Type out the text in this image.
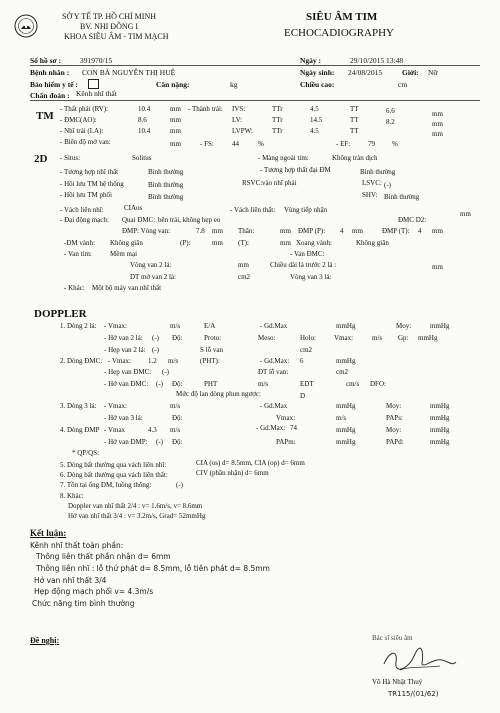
SỞ Y TẾ TP. HỒ CHÍ MINH
BV. NHI ĐỒNG I
KHOA SIÊU ÂM - TIM MẠCH
SIÊU ÂM TIM
ECHOCADIOGRAPHY
Số hồ sơ :	391970/15	Ngày :	29/10/2015 13:48
Bệnh nhân : CON BÀ NGUYỄN THỊ HUỆ	Ngày sinh: 24/08/2015	Giới: Nữ
Bảo hiểm y tế :	Cân nặng:	kg	Chiều cao:	cm
Chẩn đoán : Kênh nhĩ thất
TM
- Thất phải (RV):	10.4	mm - Thành trái: IVS:	TTr	4.5	TT	6.6	mm
- ĐMC(AO):	8.6	mm	LV:	TTr	14.5	TT	8.2	mm
- Nhĩ trái (LA):	10.4	mm	LVPW:	TTr	4.5	TT	mm
- Biên độ mở van:	mm	- FS:	44	%	- EF:	79 %
2D - Situs:	Solitus	- Màng ngoài tim:	Không tràn dịch
- Tương hợp nhĩ thất	Bình thường	- Tương hợp thất đại ĐM	Bình thường
- Hồi lưu TM hệ thống	Bình thường	RSVC: vào nhĩ phải	LSVC: (-)
- Hồi lưu TM phổi	Bình thường	SHV: Bình thường
- Vách liên nhĩ:	CIAos	- Vách liên thất: Vùng tiếp nhận
- Đại động mạch: Quai ĐMC: bên trái, không hẹp eo	ĐMC D2:
mm
ĐMP: Vòng van:	7.8 mm Thân:	mm ĐMP (P): 4 mm	ĐMP (T): 4 mm
-ĐM vành: Không giãn	(P):	mm (T):	mm Xoang vành:	Không giãn
- Van tim:	Mềm mại	- Van ĐMC:
Vòng van 2 lá:	mm	Chiều dài lá trước 2 lá :	mm
DT mở van 2 lá:	cm2	Vòng van 3 lá:
- Khác: Một bộ máy van nhĩ thất
DOPPLER
1. Dòng 2 lá: - Vmax:	m/s	E/A	- Gd.Max	mmHg	Moy:	mmHg
- Hở van 2 lá: (-) Độ:	Proto:	Meso:	Holo:	Vmax:	m/s Gp: mmHg
- Hẹp van 2 lá: (-)	S lỗ van	cm2
2. Dòng ĐMC: - Vmax: 1.2 m/s	(PHT):	- Gd.Max: 6	mmHg
- Hẹp van ĐMC: (-)	ĐT lỗ van:	cm2
- Hở van ĐMC: (-) Độ:	PHT	m/s	EDT	cm/s DFO:
Mức độ lan dòng phun ngược:	D
3. Dòng 3 lá: - Vmax:	m/s	- Gd.Max	mmHg	Moy:	mmHg
- Hở van 3 lá:	Độ:	Vmax:	m/s	PAPs:	mmHg
4. Dòng ĐMP - Vmax	4.3 m/s	- Gd.Max: 74	mmHg	Moy:	mmHg
- Hở van ĐMP: (-) Độ:	PAPm:	mmHg	PAPd:	mmHg
* QP/QS:
5. Dòng bất thường qua vách liên nhĩ:	CIA (os) d= 8.5mm, CIA (op) d= 6mm
6. Dòng bất thường qua vách liên thất:	CIV (phần nhận) d= 6mm
7. Tồn tại ống ĐM, luồng thông:	(-)
8. Khác:
Doppler van nhĩ thất 2/4 : v= 1.6m/s, v= 8.6mm
Hở van nhĩ thất 3/4 : v= 3.2m/s, Grad= 52mmHg
Kết luận:
Kênh nhĩ thất toàn phần:
Thông liên thất phần nhận d= 6mm
Thông liên nhĩ : lỗ thứ phát d= 8.5mm, lỗ tiên phát d= 8.5mm
Hở van nhĩ thất 3/4
Hẹp động mạch phổi v= 4.3m/s
Chức năng tim bình thường
Đề nghị:	Bác sĩ siêu âm
Võ Hà Nhật Thuý
TR115/(01/62)
